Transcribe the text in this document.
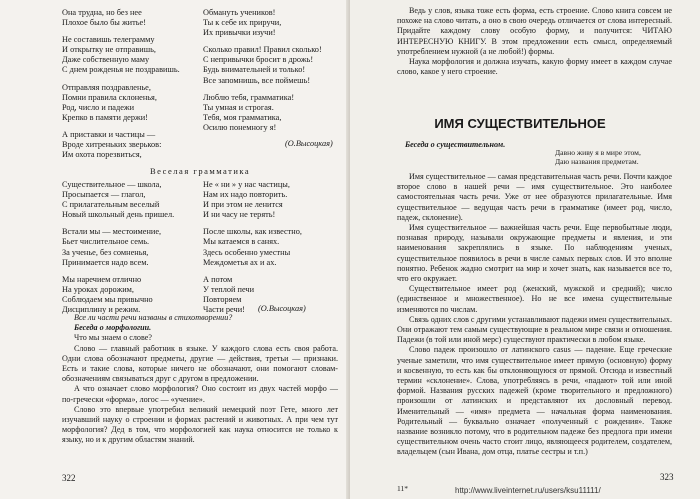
Она трудна, но без нее
Плохое было бы житье!
Не составишь телеграмму
И открытку не отправишь,
Даже собственную маму
С днем рожденья не поздравишь.
Отправляя поздравленье,
Помни правила склоненья,
Род, число и падежи
Крепко в памяти держи!
А приставки и частицы —
Вроде хитреньких зверьков:
Им охота порезвиться,
Обмануть учеников!
Ты к себе их приручи,
Их привычки изучи!
Сколько правил! Правил сколько!
С непривычки бросит в дрожь!
Будь внимательней и только!
Все запомнишь, все поймешь!
Люблю тебя, грамматика!
Ты умная и строгая.
Тебя, моя грамматика,
Осилю понемногу я!
(О.Высоцкая)
Веселая грамматика
Существительное — школа,
Просыпается — глагол,
С прилагательным веселый
Новый школьный день пришел.
Встали мы — местоимение,
Бьет числительное семь.
За ученье, без сомненья,
Принимается надо всем.
Мы наречием отлично
На уроках дорожим,
Соблюдаем мы привычно
Дисциплину и режим.
Не « ни » у нас частицы,
Нам их надо повторить.
И при этом не ленится
И ни часу не терять!
После школы, как известно,
Мы катаемся в санях.
Здесь особенно уместны
Междометья ах и ах.
А потом
У теплой печи
Повторяем
Части речи!	(О.Высоцкая)

Все ли части речи названы в стихотворении?

Беседа о морфологии.

Что мы знаем о слове?

Слово — главный работник в языке. У каждого слова есть своя работа. Одни слова обозначают предметы, другие — действия, третьи — признаки. Есть и такие слова, которые ничего не обозначают, они помогают словам-обозначениям связываться друг с другом в предложении.

А что означает слово морфология? Оно состоит из двух частей морфо — по-гречески «форма», логос — «учение».

Слово это впервые употребил великий немецкий поэт Гете, много лет изучавший науку о строении и формах растений и животных. А при чем тут морфология? Дед в том, что морфологией как наука относится не только к языку, но и к другим областям знаний.

322

Ведь у слов, языка тоже есть форма, есть строение. Слово книга совсем не похоже на слово читать, а оно в свою очередь отличается от слова интересный. Придайте каждому слову особую форму, и получится: ЧИТАЮ ИНТЕРЕСНУЮ КНИГУ. В этом предложении есть смысл, определяемый употреблением нужной (а не любой!) формы.

Наука морфология и должна изучать, какую форму имеет в каждом случае слово, какое у него строение.

ИМЯ СУЩЕСТВИТЕЛЬНОЕ

Беседа о существительном.

Давно живу я в мире этом,
Даю названия предметам.

Имя существительное — самая представительная часть речи. Почти каждое второе слово в нашей речи — имя существительное. Это наиболее самостоятельная часть речи. Уже от нее образуются прилагательные. Имя существительное — ведущая часть речи в грамматике (имеет род, число, падеж, склонение).

Имя существительное — важнейшая часть речи. Еще первобытные люди, познавая природу, называли окружающие предметы и явления, и эти наименования закреплялись в языке. По наблюдениям ученых, существительное появилось в речи в числе самых первых слов. И это вполне понятно. Ребенок жадно смотрит на мир и хочет знать, как называется все то, что его окружает.

Существительное имеет род (женский, мужской и средний); число (единственное и множественное). Но не все имена существительные изменяются по числам.

Связь одних слов с другими устанавливают падежи имен существительных. Они отражают тем самым существующие в реальном мире связи и отношения. Падежи (в той или иной мерс) существуют практически в любом языке.

Слово падеж произошло от латинского casus — падение. Еще греческие ученые заметили, что имя существительное имеет прямую (основную) форму и косвенную, то есть как бы отклоняющуюся от прямой. Отсюда и известный термин «склонение». Слова, употребляясь в речи, «падают» той или иной формой. Названия русских падежей (кроме творительного и предложного) произошли от латинских и представляют их дословный перевод. Именительный — «имя» предмета — начальная форма наименования. Родительный — буквально означает «полученный с рождения». Также название возникло потому, что в родительном падеже без предлога при имени существительном очень часто стоит лицо, являющееся родителем, создателем, владельцем (сын Ивана, дом отца, платье сестры и т.п.)

11*
323
http://www.liveinternet.ru/users/ksu11111/
